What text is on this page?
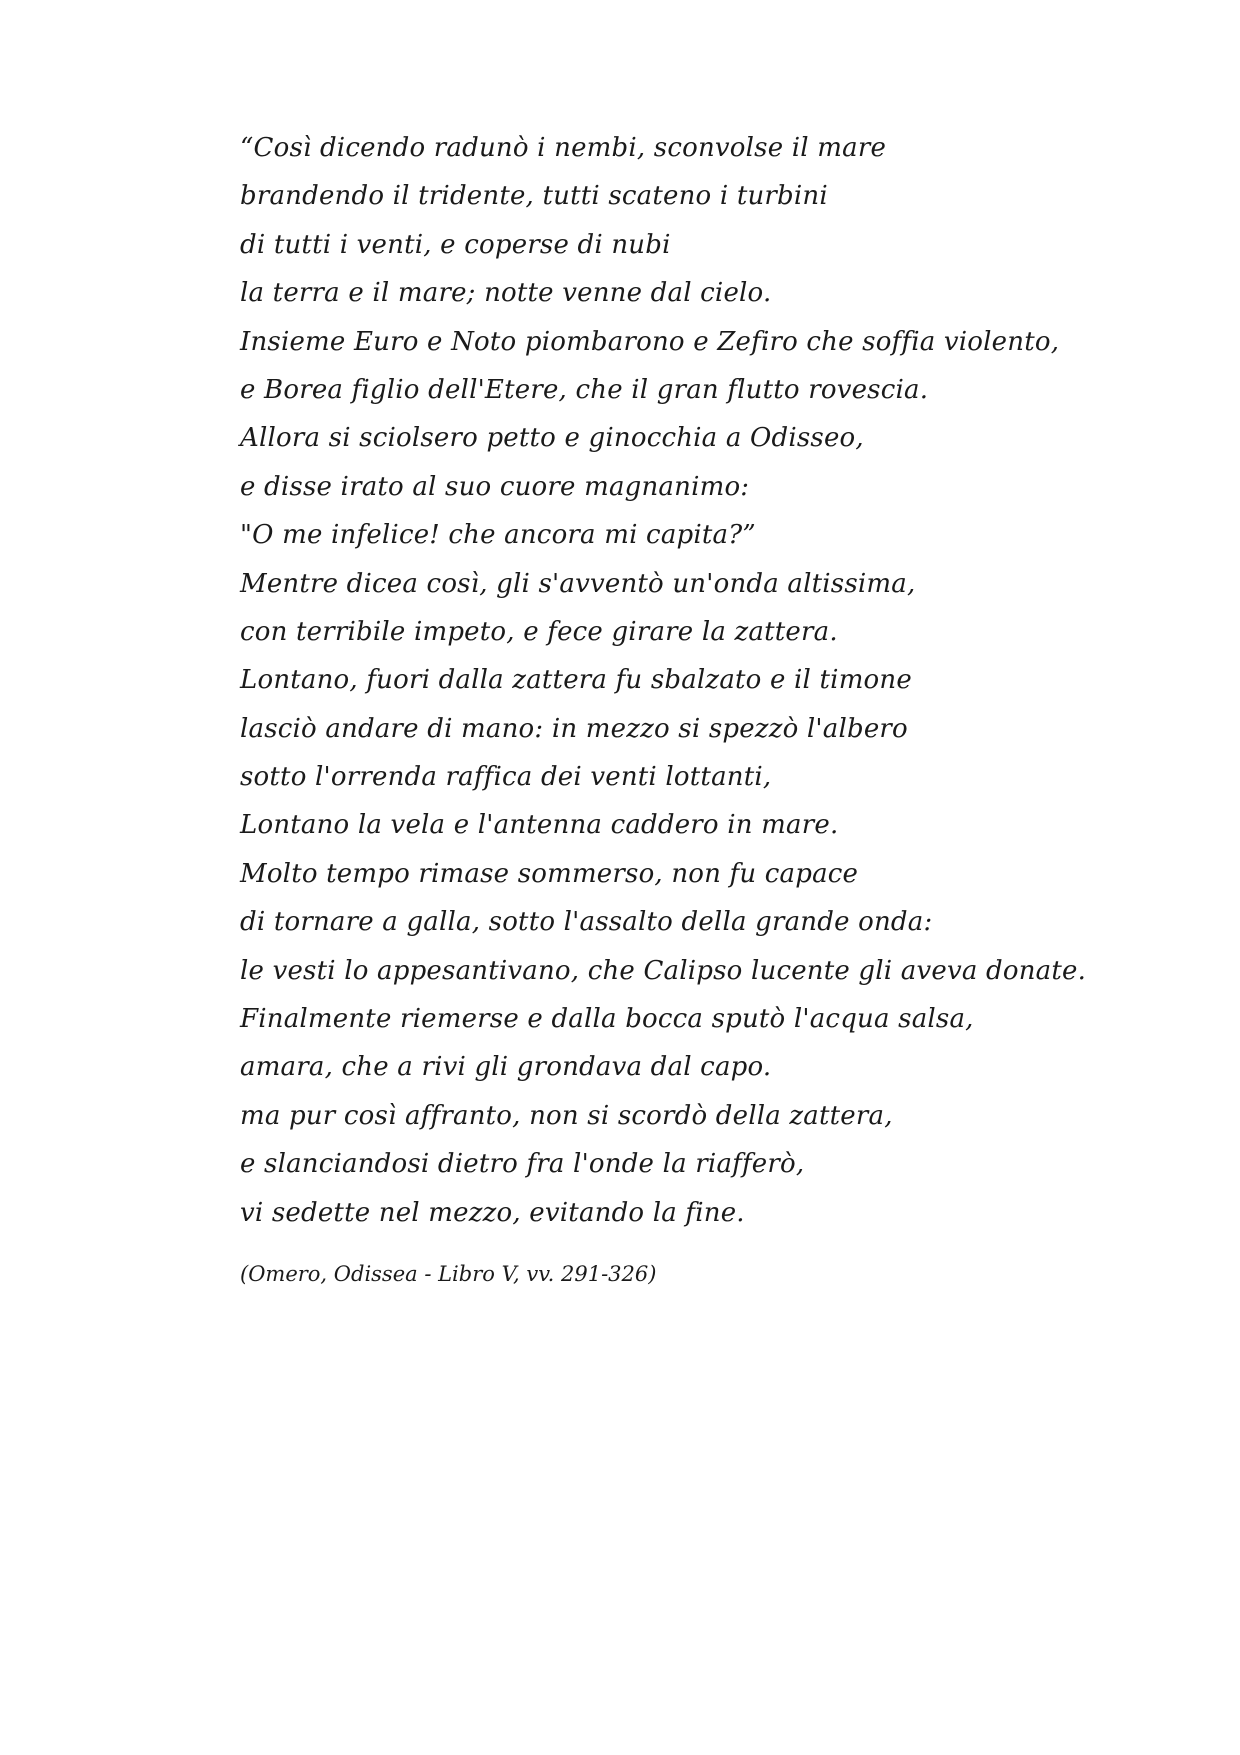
“Così dicendo radunò i nembi, sconvolse il mare
brandendo il tridente, tutti scateno i turbini
di tutti i venti, e coperse di nubi
la terra e il mare; notte venne dal cielo.
Insieme Euro e Noto piombarono e Zefiro che soffia violento,
e Borea figlio dell'Etere, che il gran flutto rovescia.
Allora si sciolsero petto e ginocchia a Odisseo,
e disse irato al suo cuore magnanimo:
"O me infelice! che ancora mi capita?”
Mentre dicea così, gli s'avventò un'onda altissima,
con terribile impeto, e fece girare la zattera.
Lontano, fuori dalla zattera fu sbalzato e il timone
lasciò andare di mano: in mezzo si spezzò l'albero
sotto l'orrenda raffica dei venti lottanti,
Lontano la vela e l'antenna caddero in mare.
Molto tempo rimase sommerso, non fu capace
di tornare a galla, sotto l'assalto della grande onda:
le vesti lo appesantivano, che Calipso lucente gli aveva donate.
Finalmente riemerse e dalla bocca sputò l'acqua salsa,
amara, che a rivi gli grondava dal capo.
ma pur così affranto, non si scordò della zattera,
e slanciandosi dietro fra l'onde la riafferò,
vi sedette nel mezzo, evitando la fine.
(Omero, Odissea - Libro V, vv. 291-326)
